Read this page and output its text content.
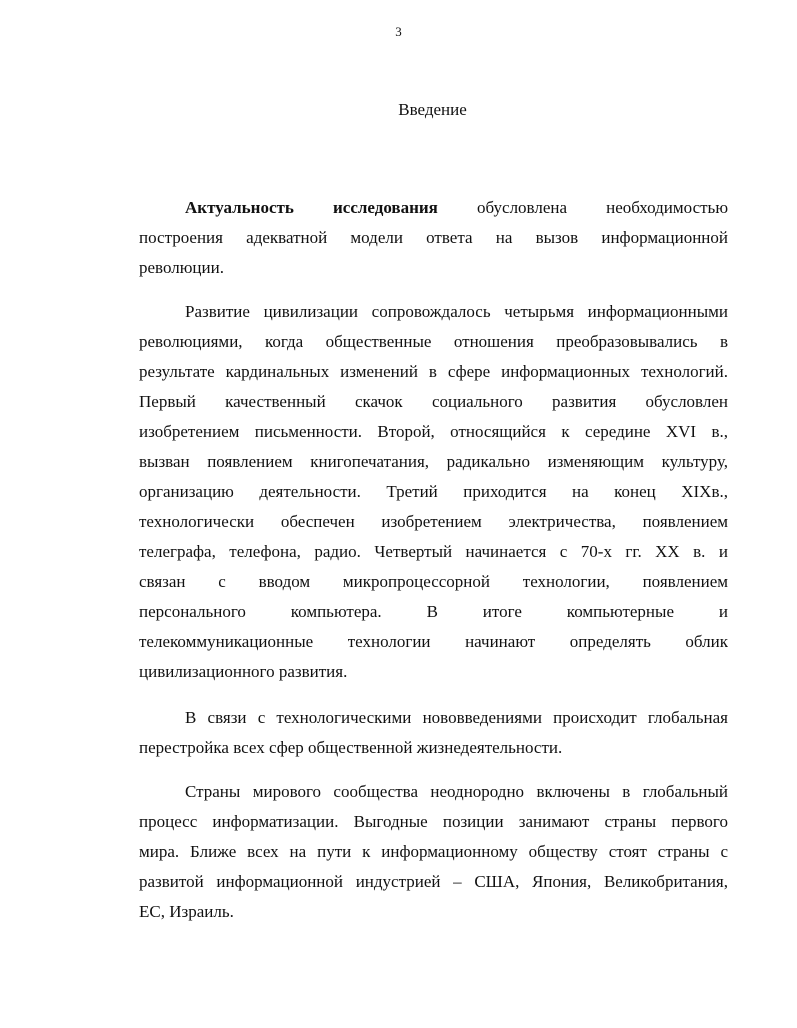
3
Введение
Актуальность исследования обусловлена необходимостью
построения адекватной модели ответа на вызов информационной
революции.
Развитие цивилизации сопровождалось четырьмя информационными
революциями, когда общественные отношения преобразовывались в
результате кардинальных изменений в сфере информационных технологий.
Первый качественный скачок социального развития обусловлен
изобретением письменности. Второй, относящийся к середине XVI в.,
вызван появлением книгопечатания, радикально изменяющим культуру,
организацию деятельности. Третий приходится на конец XIXв.,
технологически обеспечен изобретением электричества, появлением
телеграфа, телефона, радио. Четвертый начинается с 70-х гг. XX в. и
связан с вводом микропроцессорной технологии, появлением
персонального компьютера. В итоге компьютерные и
телекоммуникационные технологии начинают определять облик
цивилизационного развития.
В связи с технологическими нововведениями происходит глобальная
перестройка всех сфер общественной жизнедеятельности.
Страны мирового сообщества неоднородно включены в глобальный
процесс информатизации. Выгодные позиции занимают страны первого
мира. Ближе всех на пути к информационному обществу стоят страны с
развитой информационной индустрией – США, Япония, Великобритания,
ЕС, Израиль.
